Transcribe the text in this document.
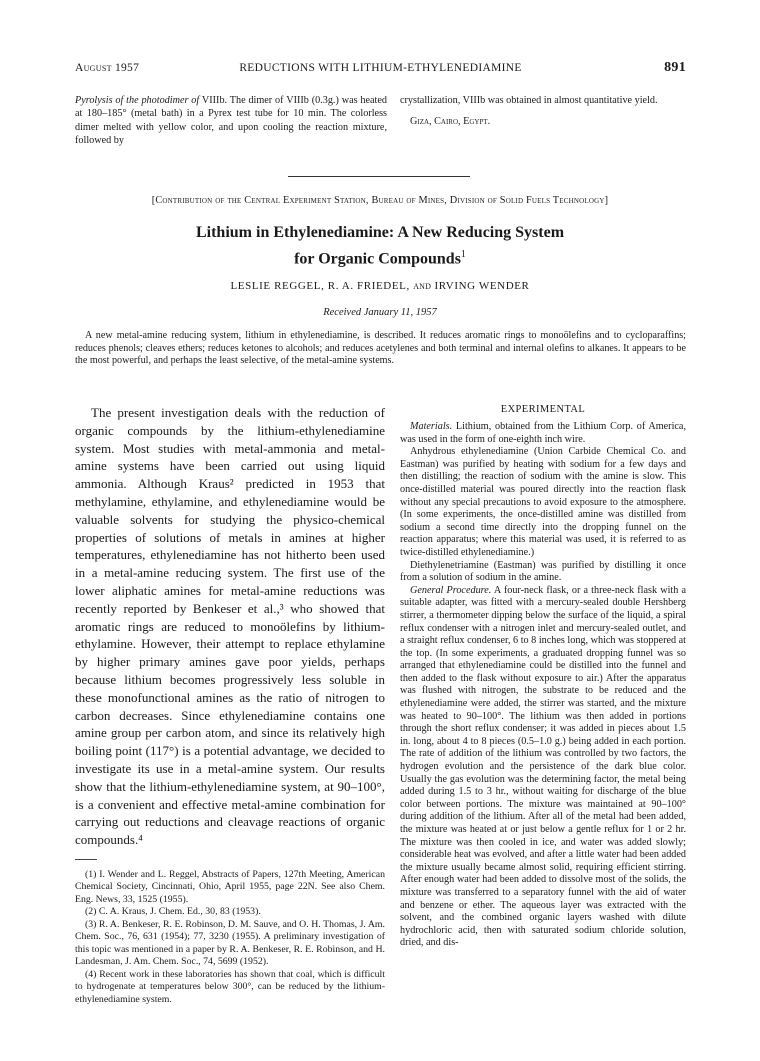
August 1957	REDUCTIONS WITH LITHIUM-ETHYLENEDIAMINE	891

Pyrolysis of the photodimer of VIIIb. The dimer of VIIIb (0.3g.) was heated at 180–185° (metal bath) in a Pyrex test tube for 10 min. The colorless dimer melted with yellow color, and upon cooling the reaction mixture, followed by

crystallization, VIIIb was obtained in almost quantitative yield.

Giza, Cairo, Egypt.

[Contribution of the Central Experiment Station, Bureau of Mines, Division of Solid Fuels Technology]
Lithium in Ethylenediamine: A New Reducing System
for Organic Compounds$^1$
LESLIE REGGEL, R. A. FRIEDEL, and IRVING WENDER
Received January 11, 1957

A new metal-amine reducing system, lithium in ethylenediamine, is described. It reduces aromatic rings to monoölefins and to cycloparaffins; reduces phenols; cleaves ethers; reduces ketones to alcohols; and reduces acetylenes and both terminal and internal olefins to alkanes. It appears to be the most powerful, and perhaps the least selective, of the metal-amine systems.

The present investigation deals with the reduction of organic compounds by the lithium-ethylenediamine system. Most studies with metal-ammonia and metal-amine systems have been carried out using liquid ammonia. Although Kraus² predicted in 1953 that methylamine, ethylamine, and ethylenediamine would be valuable solvents for studying the physico-chemical properties of solutions of metals in amines at higher temperatures, ethylenediamine has not hitherto been used in a metal-amine reducing system. The first use of the lower aliphatic amines for metal-amine reductions was recently reported by Benkeser et al.,³ who showed that aromatic rings are reduced to monoölefins by lithium-ethylamine. However, their attempt to replace ethylamine by higher primary amines gave poor yields, perhaps because lithium becomes progressively less soluble in these monofunctional amines as the ratio of nitrogen to carbon decreases. Since ethylenediamine contains one amine group per carbon atom, and since its relatively high boiling point (117°) is a potential advantage, we decided to investigate its use in a metal-amine system. Our results show that the lithium-ethylenediamine system, at 90–100°, is a convenient and effective metal-amine combination for carrying out reductions and cleavage reactions of organic compounds.⁴

(1) I. Wender and L. Reggel, Abstracts of Papers, 127th Meeting, American Chemical Society, Cincinnati, Ohio, April 1955, page 22N. See also Chem. Eng. News, 33, 1525 (1955).

(2) C. A. Kraus, J. Chem. Ed., 30, 83 (1953).

(3) R. A. Benkeser, R. E. Robinson, D. M. Sauve, and O. H. Thomas, J. Am. Chem. Soc., 76, 631 (1954); 77, 3230 (1955). A preliminary investigation of this topic was mentioned in a paper by R. A. Benkeser, R. E. Robinson, and H. Landesman, J. Am. Chem. Soc., 74, 5699 (1952).

(4) Recent work in these laboratories has shown that coal, which is difficult to hydrogenate at temperatures below 300°, can be reduced by the lithium-ethylenediamine system.

EXPERIMENTAL

Materials. Lithium, obtained from the Lithium Corp. of America, was used in the form of one-eighth inch wire.

Anhydrous ethylenediamine (Union Carbide Chemical Co. and Eastman) was purified by heating with sodium for a few days and then distilling; the reaction of sodium with the amine is slow. This once-distilled material was poured directly into the reaction flask without any special precautions to avoid exposure to the atmosphere. (In some experiments, the once-distilled amine was distilled from sodium a second time directly into the dropping funnel on the reaction apparatus; where this material was used, it is referred to as twice-distilled ethylenediamine.)

Diethylenetriamine (Eastman) was purified by distilling it once from a solution of sodium in the amine.

General Procedure. A four-neck flask, or a three-neck flask with a suitable adapter, was fitted with a mercury-sealed double Hershberg stirrer, a thermometer dipping below the surface of the liquid, a spiral reflux condenser with a nitrogen inlet and mercury-sealed outlet, and a straight reflux condenser, 6 to 8 inches long, which was stoppered at the top. (In some experiments, a graduated dropping funnel was so arranged that ethylenediamine could be distilled into the funnel and then added to the flask without exposure to air.) After the apparatus was flushed with nitrogen, the substrate to be reduced and the ethylenediamine were added, the stirrer was started, and the mixture was heated to 90–100°. The lithium was then added in portions through the short reflux condenser; it was added in pieces about 1.5 in. long, about 4 to 8 pieces (0.5–1.0 g.) being added in each portion. The rate of addition of the lithium was controlled by two factors, the hydrogen evolution and the persistence of the dark blue color. Usually the gas evolution was the determining factor, the metal being added during 1.5 to 3 hr., without waiting for discharge of the blue color between portions. The mixture was maintained at 90–100° during addition of the lithium. After all of the metal had been added, the mixture was heated at or just below a gentle reflux for 1 or 2 hr. The mixture was then cooled in ice, and water was added slowly; considerable heat was evolved, and after a little water had been added the mixture usually became almost solid, requiring efficient stirring. After enough water had been added to dissolve most of the solids, the mixture was transferred to a separatory funnel with the aid of water and benzene or ether. The aqueous layer was extracted with the solvent, and the combined organic layers washed with dilute hydrochloric acid, then with saturated sodium chloride solution, dried, and dis-
